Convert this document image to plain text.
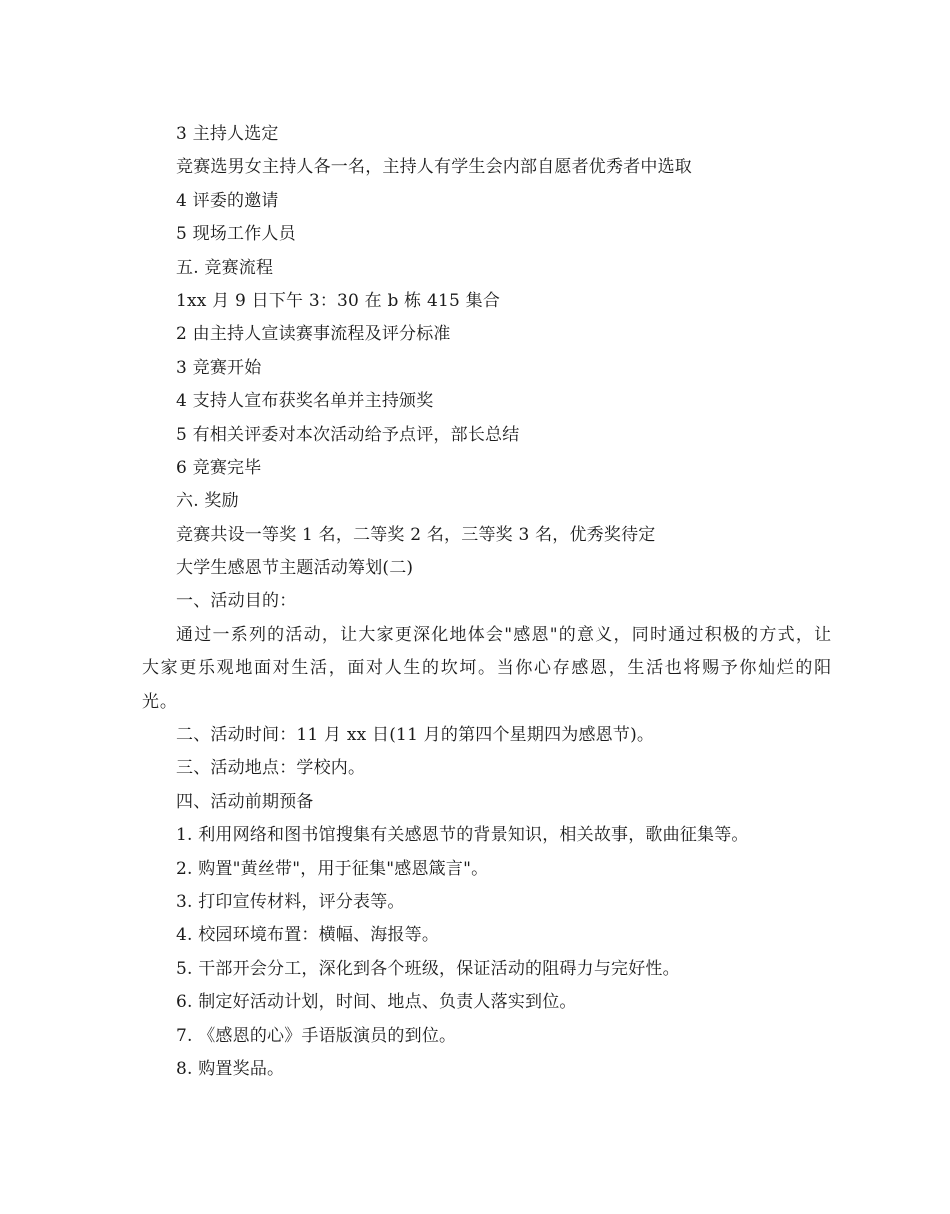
3 主持人选定
竞赛选男女主持人各一名，主持人有学生会内部自愿者优秀者中选取
4 评委的邀请
5 现场工作人员
五. 竞赛流程
1xx 月 9 日下午 3：30 在 b 栋 415 集合
2 由主持人宣读赛事流程及评分标准
3 竞赛开始
4 支持人宣布获奖名单并主持颁奖
5 有相关评委对本次活动给予点评，部长总结
6 竞赛完毕
六. 奖励
竞赛共设一等奖 1 名，二等奖 2 名，三等奖 3 名，优秀奖待定
大学生感恩节主题活动筹划(二)
一、活动目的：
通过一系列的活动，让大家更深化地体会"感恩"的意义，同时通过积极的方式，让大家更乐观地面对生活，面对人生的坎坷。当你心存感恩，生活也将赐予你灿烂的阳光。
二、活动时间：11 月 xx 日(11 月的第四个星期四为感恩节)。
三、活动地点：学校内。
四、活动前期预备
1. 利用网络和图书馆搜集有关感恩节的背景知识，相关故事，歌曲征集等。
2. 购置"黄丝带"，用于征集"感恩箴言"。
3. 打印宣传材料，评分表等。
4. 校园环境布置：横幅、海报等。
5. 干部开会分工，深化到各个班级，保证活动的阻碍力与完好性。
6. 制定好活动计划，时间、地点、负责人落实到位。
7. 《感恩的心》手语版演员的到位。
8. 购置奖品。
